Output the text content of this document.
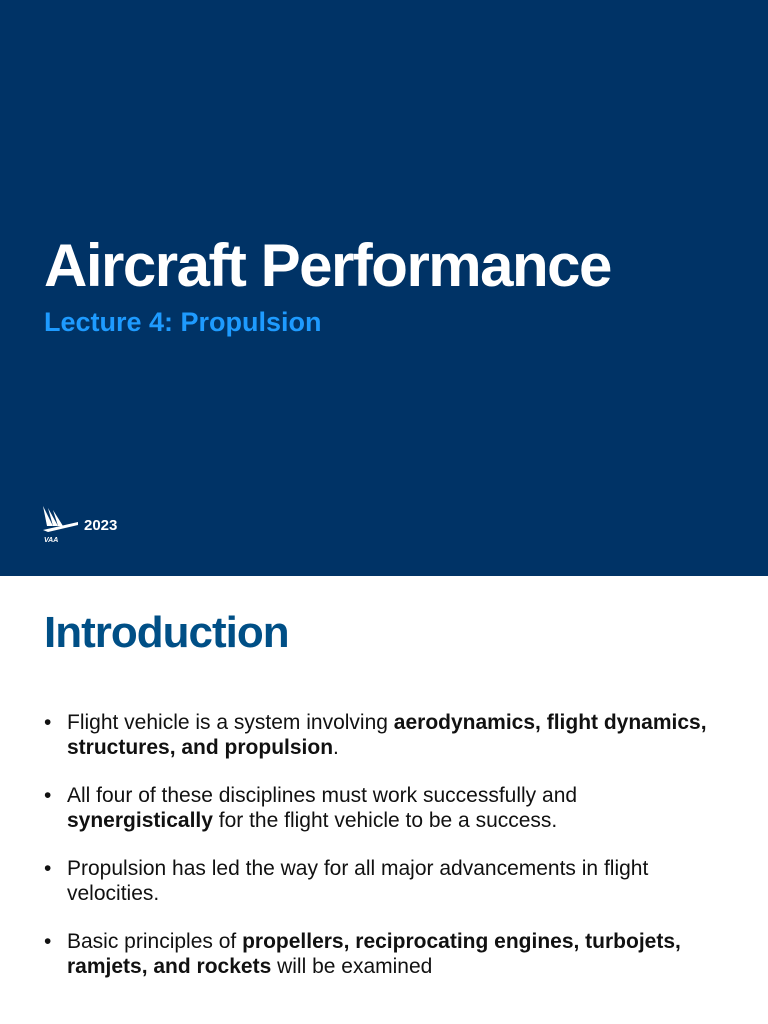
Aircraft Performance
Lecture 4: Propulsion
VAA
2023
Introduction
• Flight vehicle is a system involving aerodynamics, flight dynamics, structures, and propulsion.
• All four of these disciplines must work successfully and synergistically for the flight vehicle to be a success.
• Propulsion has led the way for all major advancements in flight velocities.
• Basic principles of propellers, reciprocating engines, turbojets, ramjets, and rockets will be examined
